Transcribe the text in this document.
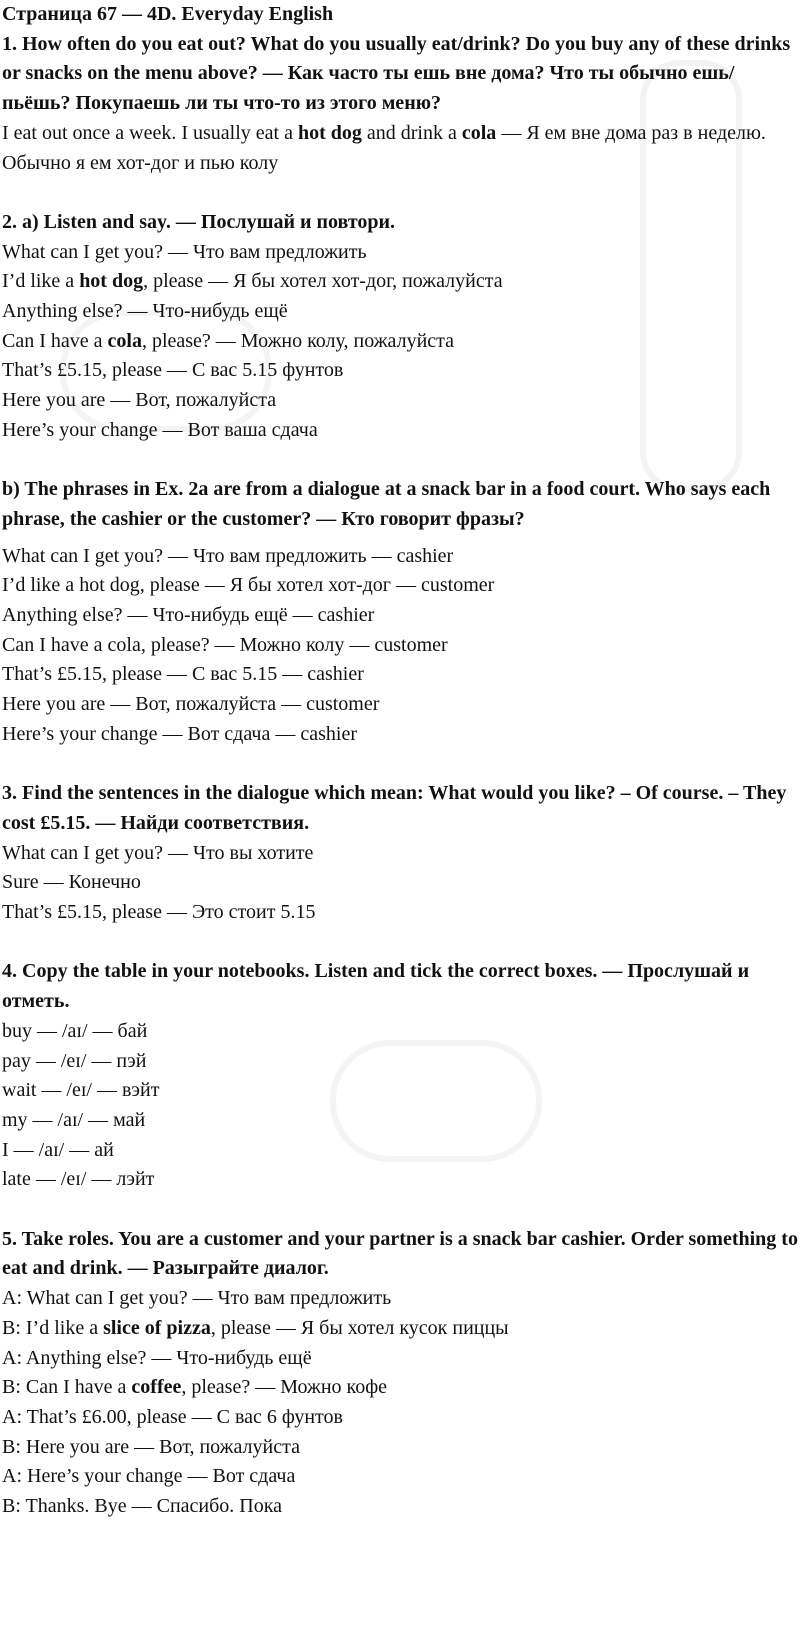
Страница 67 — 4D. Everyday English
1. How often do you eat out? What do you usually eat/drink? Do you buy any of these drinks or snacks on the menu above? — Как часто ты ешь вне дома? Что ты обычно ешь/пьёшь? Покупаешь ли ты что-то из этого меню?
I eat out once a week. I usually eat a hot dog and drink a cola — Я ем вне дома раз в неделю. Обычно я ем хот-дог и пью колу
2. a) Listen and say. — Послушай и повтори.
What can I get you? — Что вам предложить
I’d like a hot dog, please — Я бы хотел хот-дог, пожалуйста
Anything else? — Что-нибудь ещё
Can I have a cola, please? — Можно колу, пожалуйста
That’s £5.15, please — С вас 5.15 фунтов
Here you are — Вот, пожалуйста
Here’s your change — Вот ваша сдача
b) The phrases in Ex. 2a are from a dialogue at a snack bar in a food court. Who says each phrase, the cashier or the customer? — Кто говорит фразы?
What can I get you? — Что вам предложить — cashier
I’d like a hot dog, please — Я бы хотел хот-дог — customer
Anything else? — Что-нибудь ещё — cashier
Can I have a cola, please? — Можно колу — customer
That’s £5.15, please — С вас 5.15 — cashier
Here you are — Вот, пожалуйста — customer
Here’s your change — Вот сдача — cashier
3. Find the sentences in the dialogue which mean: What would you like? – Of course. – They cost £5.15. — Найди соответствия.
What can I get you? — Что вы хотите
Sure — Конечно
That’s £5.15, please — Это стоит 5.15
4. Copy the table in your notebooks. Listen and tick the correct boxes. — Прослушай и отметь.
buy — /aɪ/ — бай
pay — /eɪ/ — пэй
wait — /eɪ/ — вэйт
my — /aɪ/ — май
I — /aɪ/ — ай
late — /eɪ/ — лэйт
5. Take roles. You are a customer and your partner is a snack bar cashier. Order something to eat and drink. — Разыграйте диалог.
A: What can I get you? — Что вам предложить
B: I’d like a slice of pizza, please — Я бы хотел кусок пиццы
A: Anything else? — Что-нибудь ещё
B: Can I have a coffee, please? — Можно кофе
A: That’s £6.00, please — С вас 6 фунтов
B: Here you are — Вот, пожалуйста
A: Here’s your change — Вот сдача
B: Thanks. Bye — Спасибо. Пока
